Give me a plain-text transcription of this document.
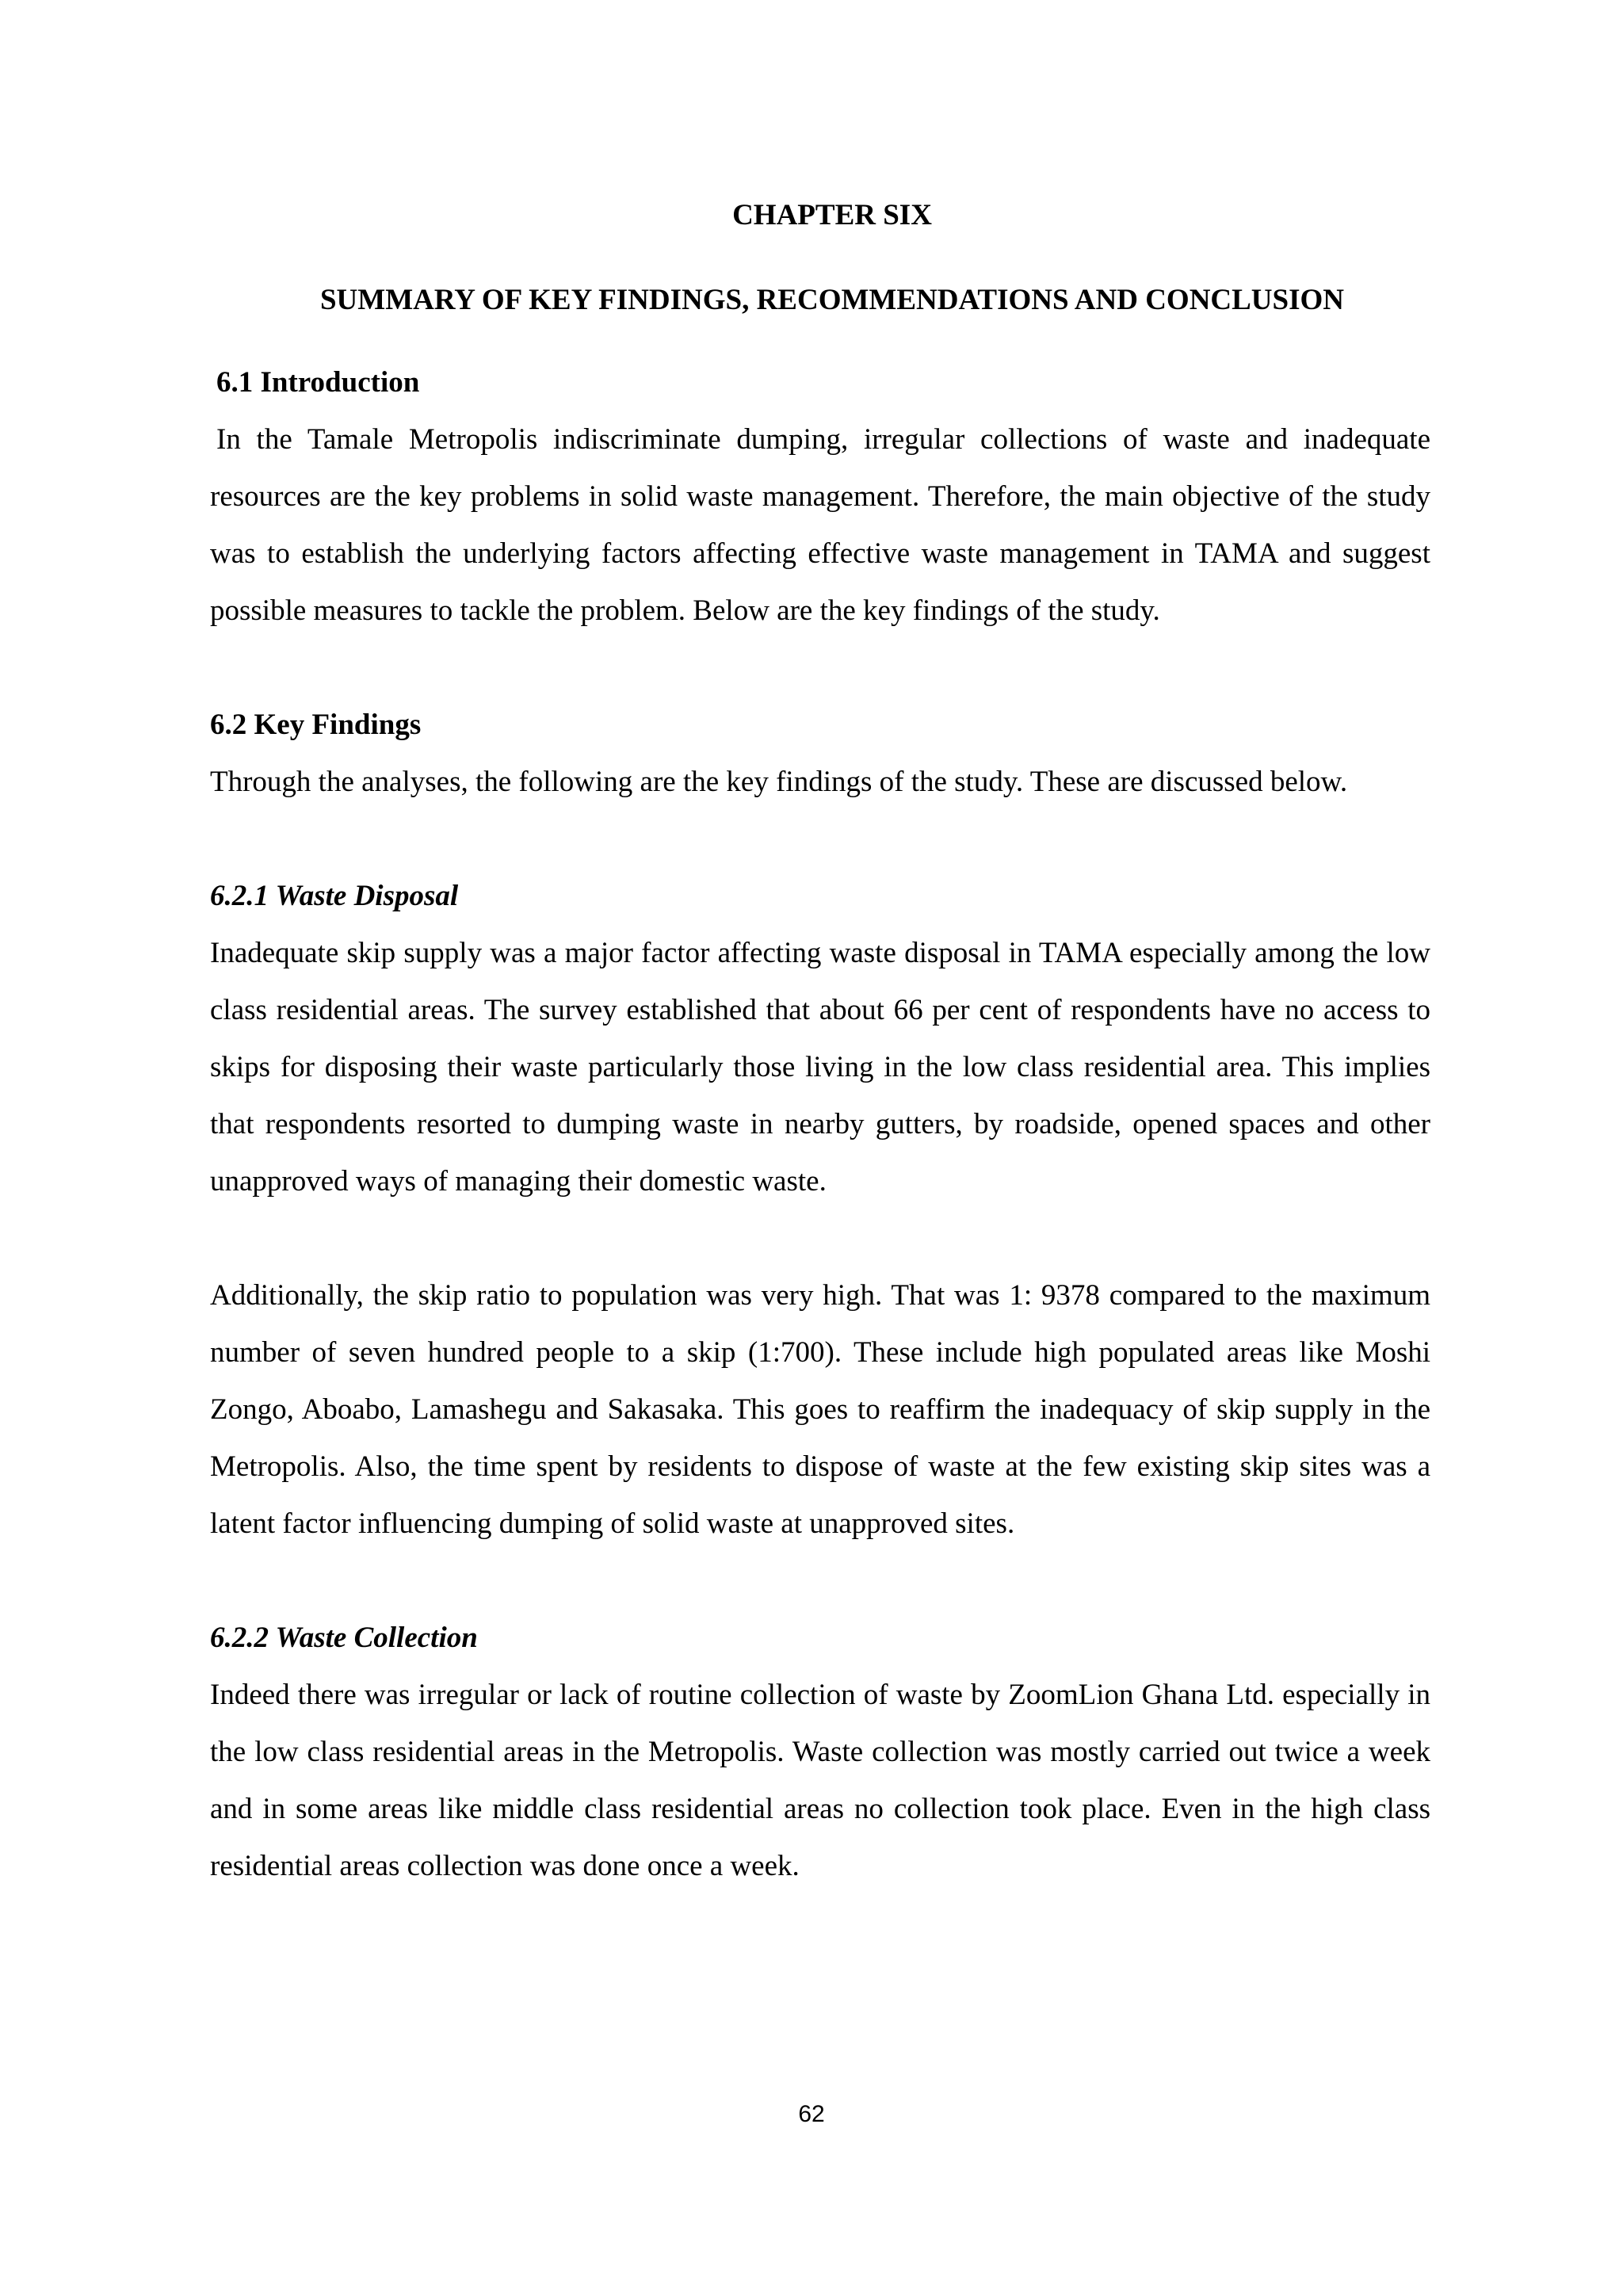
CHAPTER SIX
SUMMARY OF KEY FINDINGS, RECOMMENDATIONS AND CONCLUSION
6.1 Introduction

In the Tamale Metropolis indiscriminate dumping, irregular collections of waste and inadequate resources are the key problems in solid waste management. Therefore, the main objective of the study was to establish the underlying factors affecting effective waste management in TAMA and suggest possible measures to tackle the problem. Below are the key findings of the study.

6.2 Key Findings

Through the analyses, the following are the key findings of the study. These are discussed below.

6.2.1 Waste Disposal

Inadequate skip supply was a major factor affecting waste disposal in TAMA especially among the low class residential areas. The survey established that about 66 per cent of respondents have no access to skips for disposing their waste particularly those living in the low class residential area. This implies that respondents resorted to dumping waste in nearby gutters, by roadside, opened spaces and other unapproved ways of managing their domestic waste.

Additionally, the skip ratio to population was very high. That was 1: 9378 compared to the maximum number of seven hundred people to a skip (1:700). These include high populated areas like Moshi Zongo, Aboabo, Lamashegu and Sakasaka. This goes to reaffirm the inadequacy of skip supply in the Metropolis. Also, the time spent by residents to dispose of waste at the few existing skip sites was a latent factor influencing dumping of solid waste at unapproved sites.

6.2.2 Waste Collection

Indeed there was irregular or lack of routine collection of waste by ZoomLion Ghana Ltd. especially in the low class residential areas in the Metropolis. Waste collection was mostly carried out twice a week and in some areas like middle class residential areas no collection took place. Even in the high class residential areas collection was done once a week.

62
